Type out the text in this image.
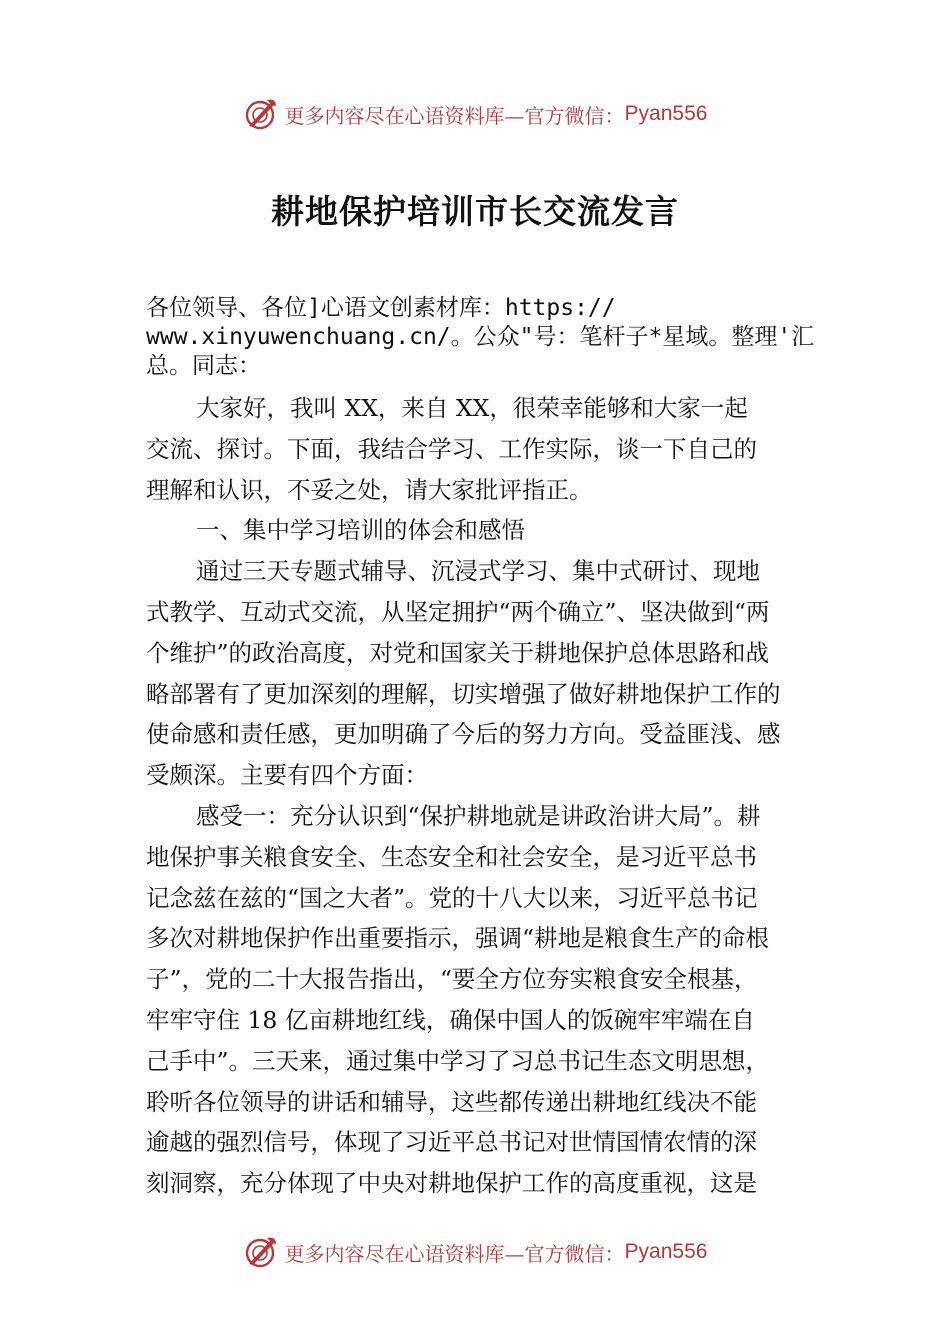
更多内容尽在心语资料库—官方微信： Pyan556
耕地保护培训市长交流发言
各位领导、各位]心语文创素材库：https://
www.xinyuwenchuang.cn/。公众"号：笔杆子*星域。整理'汇
总。同志：
大家好，我叫 XX，来自 XX，很荣幸能够和大家一起
交流、探讨。下面，我结合学习、工作实际，谈一下自己的
理解和认识，不妥之处，请大家批评指正。
一、集中学习培训的体会和感悟
通过三天专题式辅导、沉浸式学习、集中式研讨、现地
式教学、互动式交流，从坚定拥护“两个确立”、坚决做到“两
个维护”的政治高度，对党和国家关于耕地保护总体思路和战
略部署有了更加深刻的理解，切实增强了做好耕地保护工作的
使命感和责任感，更加明确了今后的努力方向。受益匪浅、感
受颇深。主要有四个方面：
感受一：充分认识到“保护耕地就是讲政治讲大局”。耕
地保护事关粮食安全、生态安全和社会安全，是习近平总书
记念兹在兹的“国之大者”。党的十八大以来，习近平总书记
多次对耕地保护作出重要指示，强调“耕地是粮食生产的命根
子”，党的二十大报告指出，“要全方位夯实粮食安全根基，
牢牢守住 18 亿亩耕地红线，确保中国人的饭碗牢牢端在自
己手中”。三天来，通过集中学习了习总书记生态文明思想，
聆听各位领导的讲话和辅导，这些都传递出耕地红线决不能
逾越的强烈信号，体现了习近平总书记对世情国情农情的深
刻洞察，充分体现了中央对耕地保护工作的高度重视，这是
更多内容尽在心语资料库—官方微信： Pyan556
